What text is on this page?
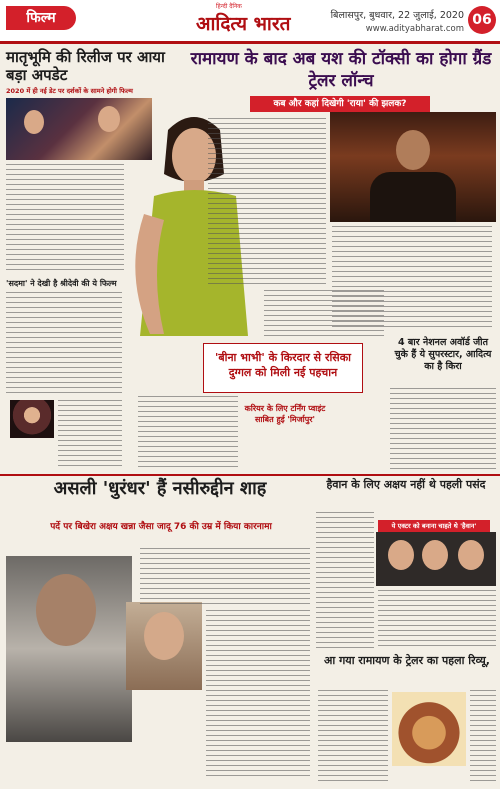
फिल्म
हिन्दी दैनिक
आदित्य भारत	बिलासपुर, बुधवार, 22 जुलाई, 2020
www.adityabharat.com
06
मातृभूमि की रिलीज पर आया बड़ा अपडेट
2020 में ही नई डेट पर दर्शकों के सामने होगी फिल्म
रामायण के बाद अब यश की टॉक्सी का होगा ग्रैंड ट्रेलर लॉन्च
कब और कहां दिखेगी 'राया' की झलक?
'सदमा' ने देखी है श्रीदेवी की ये फिल्म
'बीना भाभी' के किरदार से रसिका दुग्गल को मिली नई पहचान
करियर के लिए टर्निंग प्वाइंट साबित हुई 'मिर्जापुर'
4 बार नेशनल अवॉर्ड जीत चुके हैं ये सुपरस्टार, आदित्य का है किरा
असली 'धुरंधर' हैं नसीरुद्दीन शाह
पर्दे पर बिखेरा अक्षय खन्ना जैसा जादू 76 की उम्र में किया कारनामा
हैवान के लिए अक्षय नहीं थे पहली पसंद
ये एक्टर को बनाना चाहते थे 'हैवान'
आ गया रामायण के ट्रेलर का पहला रिव्यू,
